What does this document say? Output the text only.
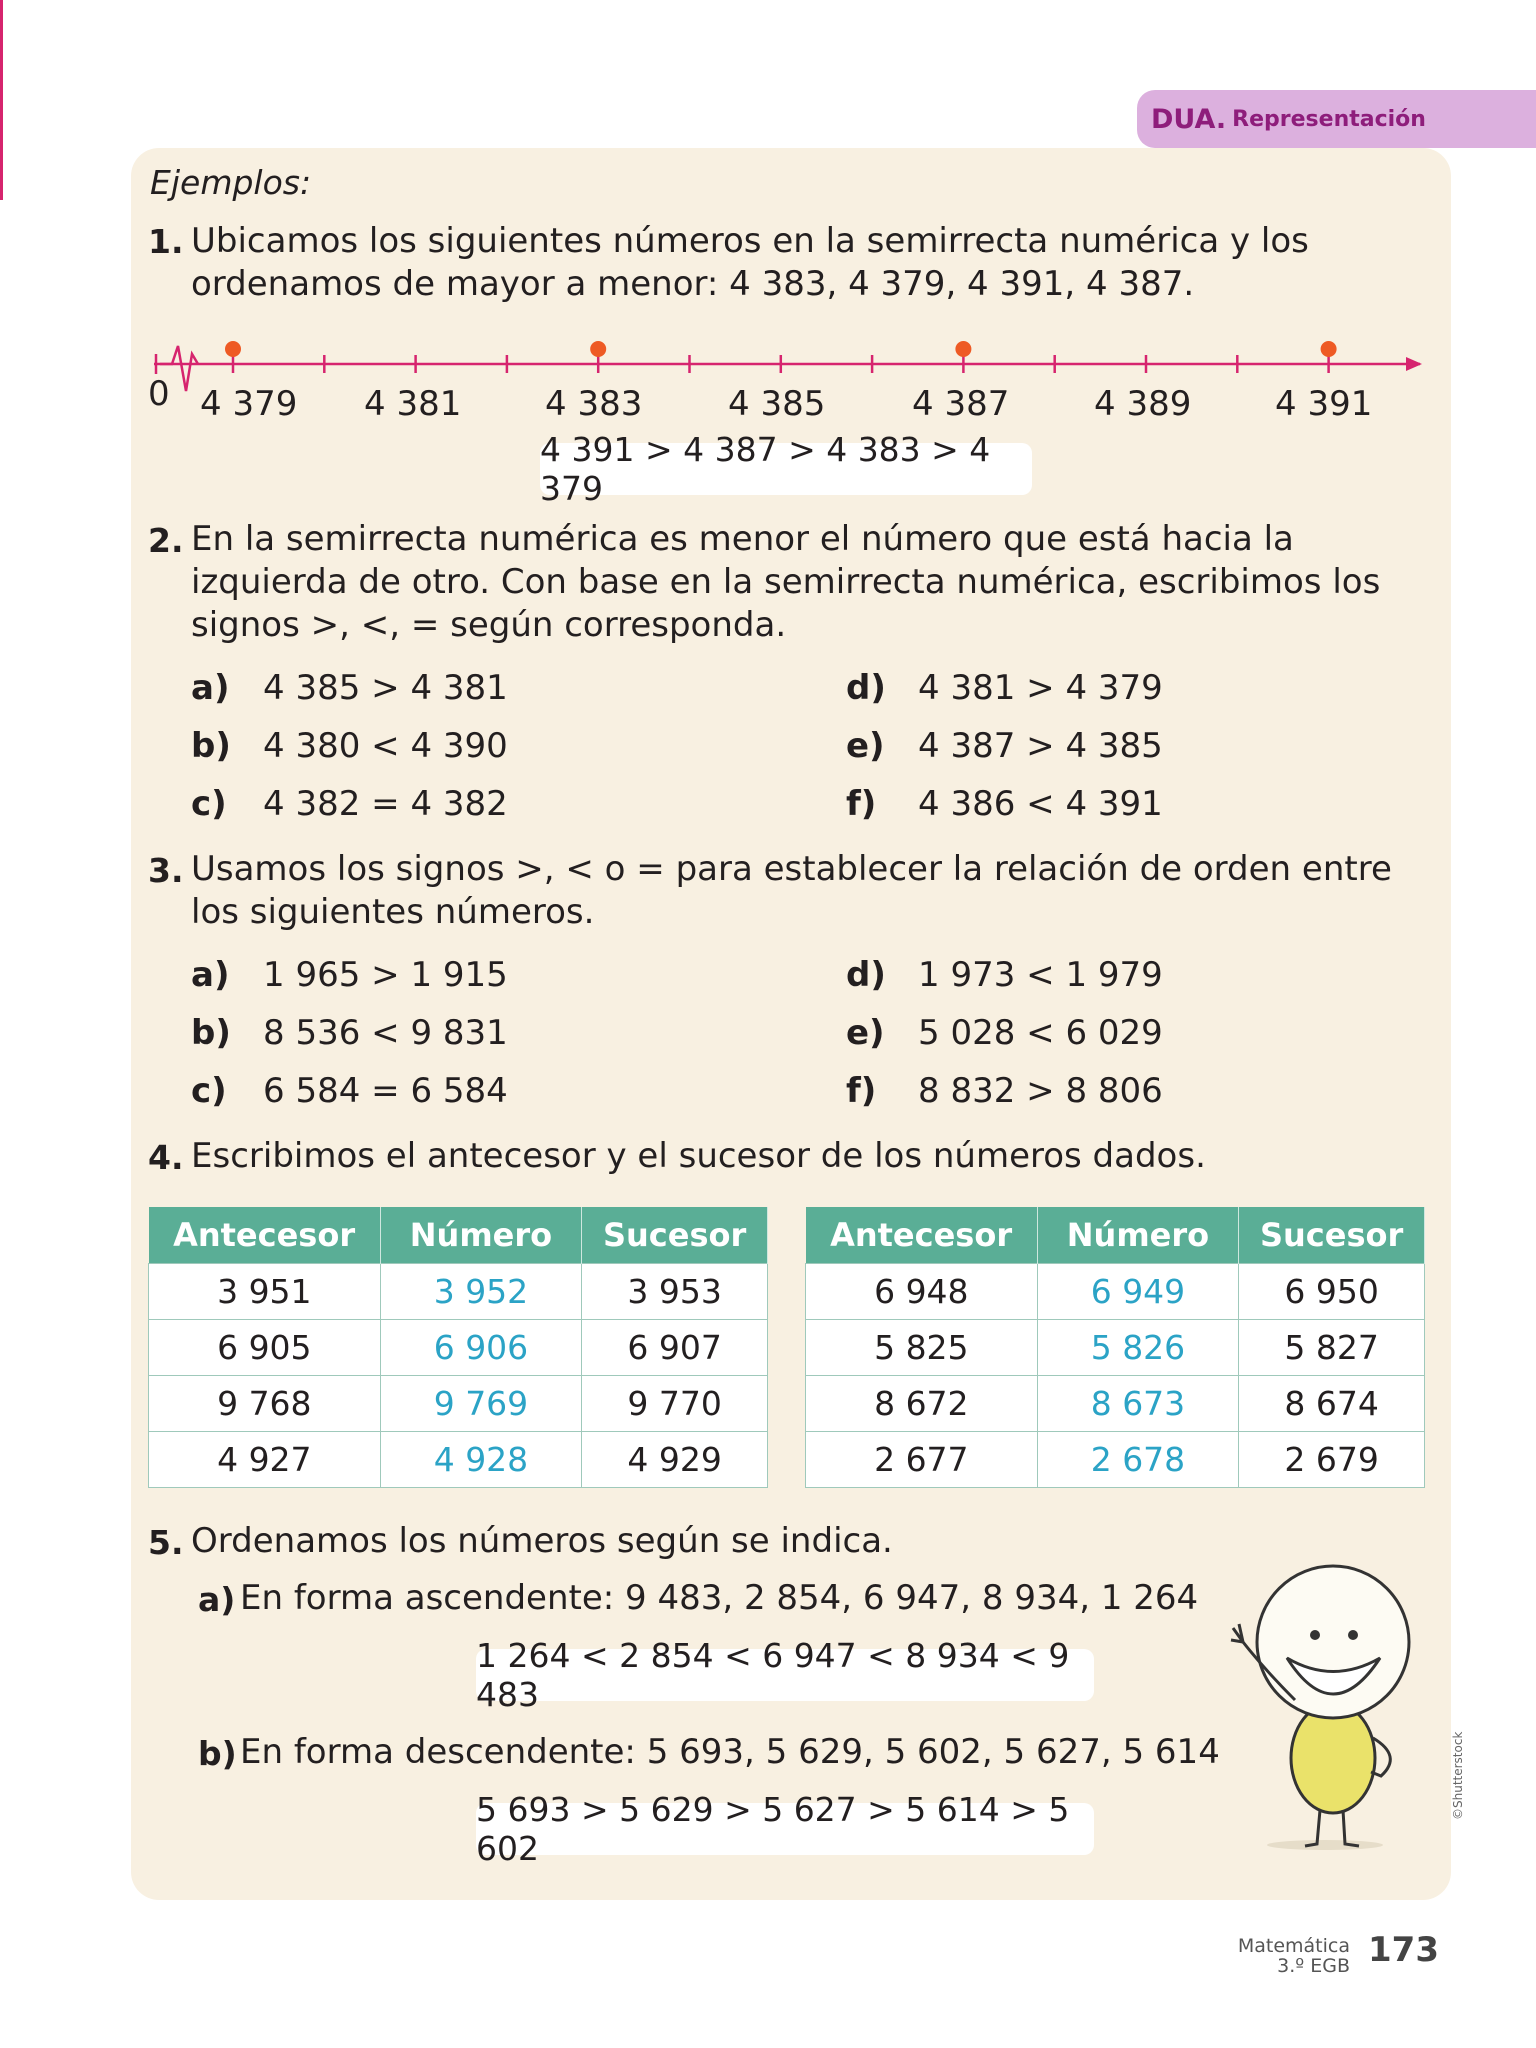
DUA. Representación
Ejemplos:
1. Ubicamos los siguientes números en la semirrecta numérica y los
ordenamos de mayor a menor: 4 383, 4 379, 4 391, 4 387.
0 4 379 4 381 4 383	4 385	4 387 4 389 4 391
4 391 > 4 387 > 4 383 > 4 379
2. En la semirrecta numérica es menor el número que está hacia la
izquierda de otro. Con base en la semirrecta numérica, escribimos los
signos >, <, = según corresponda.
a) 4 385 > 4 381
b) 4 380 < 4 390
c)	4 382 = 4 382
d) 4 381 > 4 379
e) 4 387 > 4 385
f)	4 386 < 4 391
3. Usamos los signos >, < o = para establecer la relación de orden entre
los siguientes números.
a) 1 965 > 1 915
b) 8 536 < 9 831
c)	6 584 = 6 584
d) 1 973 < 1 979
e) 5 028 < 6 029
f)	8 832 > 8 806
4. Escribimos el antecesor y el sucesor de los números dados.
Antecesor	Número	Sucesor
3 951	3 952	3 953
6 905	6 906	6 907
9 768	9 769	9 770
4 927	4 928	4 929
Antecesor	Número	Sucesor
6 948	6 949	6 950
5 825	5 826	5 827
8 672	8 673	8 674
2 677	2 678	2 679
5. Ordenamos los números según se indica.
a) En forma ascendente: 9 483, 2 854, 6 947, 8 934, 1 264
1 264 < 2 854 < 6 947 < 8 934 < 9 483
b) En forma descendente: 5 693, 5 629, 5 602, 5 627, 5 614
5 693 > 5 629 > 5 627 > 5 614 > 5 602
©Shutterstock
Matemática
3.º EGB 173
